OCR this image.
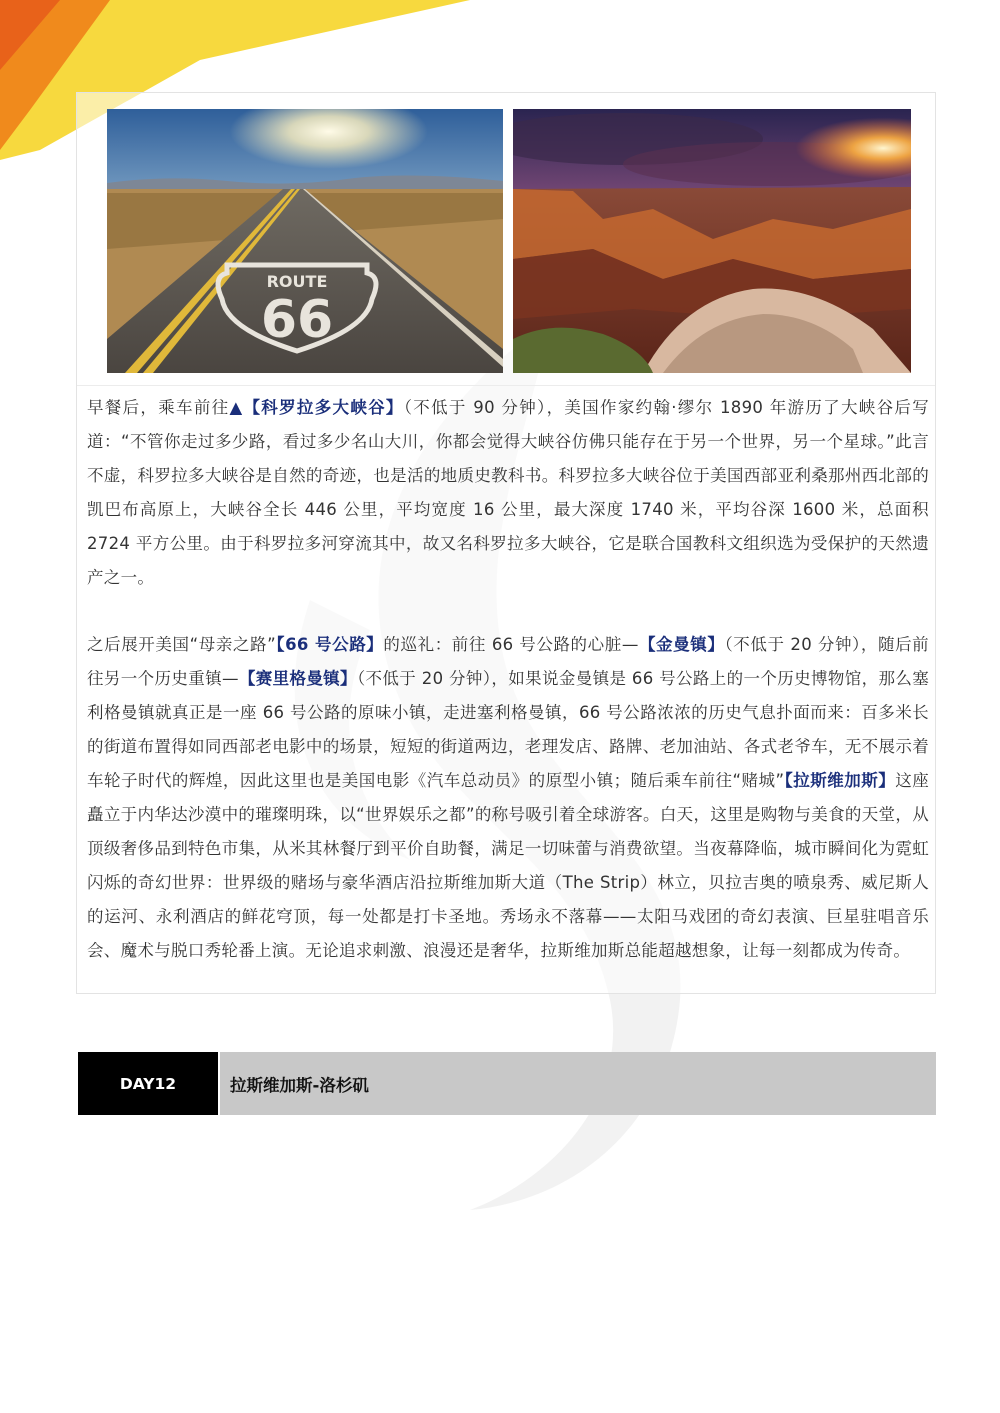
ROUTE
66

早餐后，乘车前往▲【科罗拉多大峡谷】（不低于 90 分钟），美国作家约翰·缪尔 1890 年游历了大峡谷后写道：“不管你走过多少路，看过多少名山大川，你都会觉得大峡谷仿佛只能存在于另一个世界，另一个星球。”此言不虚，科罗拉多大峡谷是自然的奇迹，也是活的地质史教科书。科罗拉多大峡谷位于美国西部亚利桑那州西北部的凯巴布高原上，大峡谷全长 446 公里，平均宽度 16 公里，最大深度 1740 米，平均谷深 1600 米，总面积 2724 平方公里。由于科罗拉多河穿流其中，故又名科罗拉多大峡谷，它是联合国教科文组织选为受保护的天然遗产之一。

之后展开美国“母亲之路”【66 号公路】的巡礼：前往 66 号公路的心脏—【金曼镇】（不低于 20 分钟），随后前往另一个历史重镇—【赛里格曼镇】（不低于 20 分钟），如果说金曼镇是 66 号公路上的一个历史博物馆，那么塞利格曼镇就真正是一座 66 号公路的原味小镇，走进塞利格曼镇，66 号公路浓浓的历史气息扑面而来：百多米长的街道布置得如同西部老电影中的场景，短短的街道两边，老理发店、路牌、老加油站、各式老爷车，无不展示着车轮子时代的辉煌，因此这里也是美国电影《汽车总动员》的原型小镇；随后乘车前往“赌城”【拉斯维加斯】这座矗立于内华达沙漠中的璀璨明珠，以“世界娱乐之都”的称号吸引着全球游客。白天，这里是购物与美食的天堂，从顶级奢侈品到特色市集，从米其林餐厅到平价自助餐，满足一切味蕾与消费欲望。当夜幕降临，城市瞬间化为霓虹闪烁的奇幻世界：世界级的赌场与豪华酒店沿拉斯维加斯大道（The Strip）林立，贝拉吉奥的喷泉秀、威尼斯人的运河、永利酒店的鲜花穹顶，每一处都是打卡圣地。秀场永不落幕——太阳马戏团的奇幻表演、巨星驻唱音乐会、魔术与脱口秀轮番上演。无论追求刺激、浪漫还是奢华，拉斯维加斯总能超越想象，让每一刻都成为传奇。

DAY12	拉斯维加斯-洛杉矶
